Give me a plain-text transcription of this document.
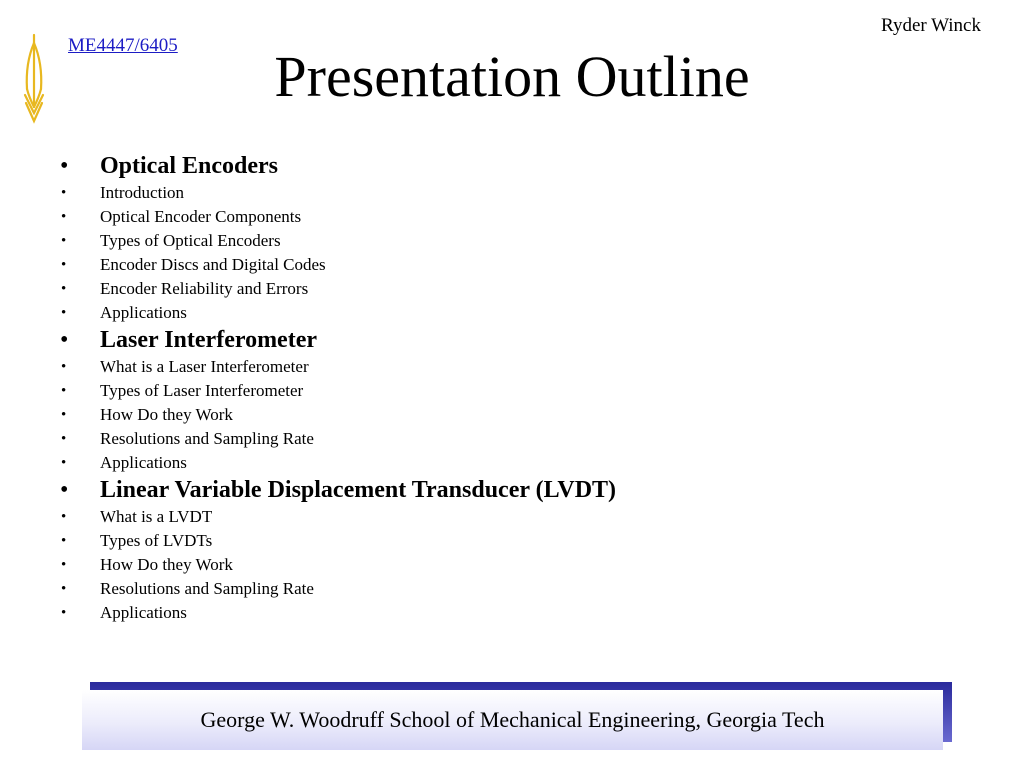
Ryder Winck
ME4447/6405	Presentation Outline
• Optical Encoders
• Introduction
• Optical Encoder Components
• Types of Optical Encoders
• Encoder Discs and Digital Codes
• Encoder Reliability and Errors
• Applications
• Laser Interferometer
• What is a Laser Interferometer
• Types of Laser Interferometer
• How Do they Work
• Resolutions and Sampling Rate
• Applications
• Linear Variable Displacement Transducer (LVDT)
• What is a LVDT
• Types of LVDTs
• How Do they Work
• Resolutions and Sampling Rate
• Applications
George W. Woodruff School of Mechanical Engineering, Georgia Tech
